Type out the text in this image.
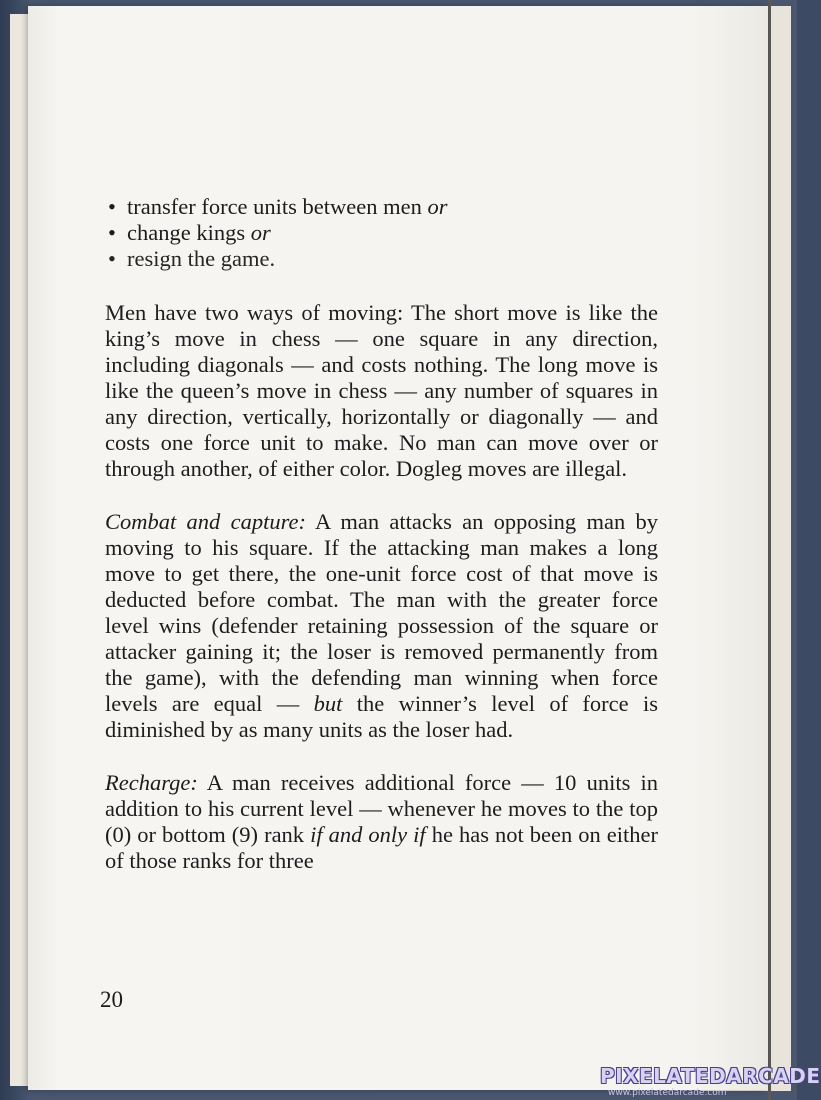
• transfer force units between men or
• change kings or
• resign the game.

Men have two ways of moving: The short move is like the king’s move in chess — one square in any direction, including diagonals — and costs nothing. The long move is like the queen’s move in chess — any number of squares in any direction, vertically, horizontally or diagonally — and costs one force unit to make. No man can move over or through another, of either color. Dogleg moves are illegal.

Combat and capture: A man attacks an opposing man by moving to his square. If the attacking man makes a long move to get there, the one-unit force cost of that move is deducted before combat. The man with the greater force level wins (defender retaining possession of the square or attacker gaining it; the loser is removed permanently from the game), with the defending man winning when force levels are equal — but the winner’s level of force is diminished by as many units as the loser had.

Recharge: A man receives additional force — 10 units in addition to his current level — whenever he moves to the top (0) or bottom (9) rank if and only if he has not been on either of those ranks for three

20
PIXELATEDARCADE
www.pixelatedarcade.com
